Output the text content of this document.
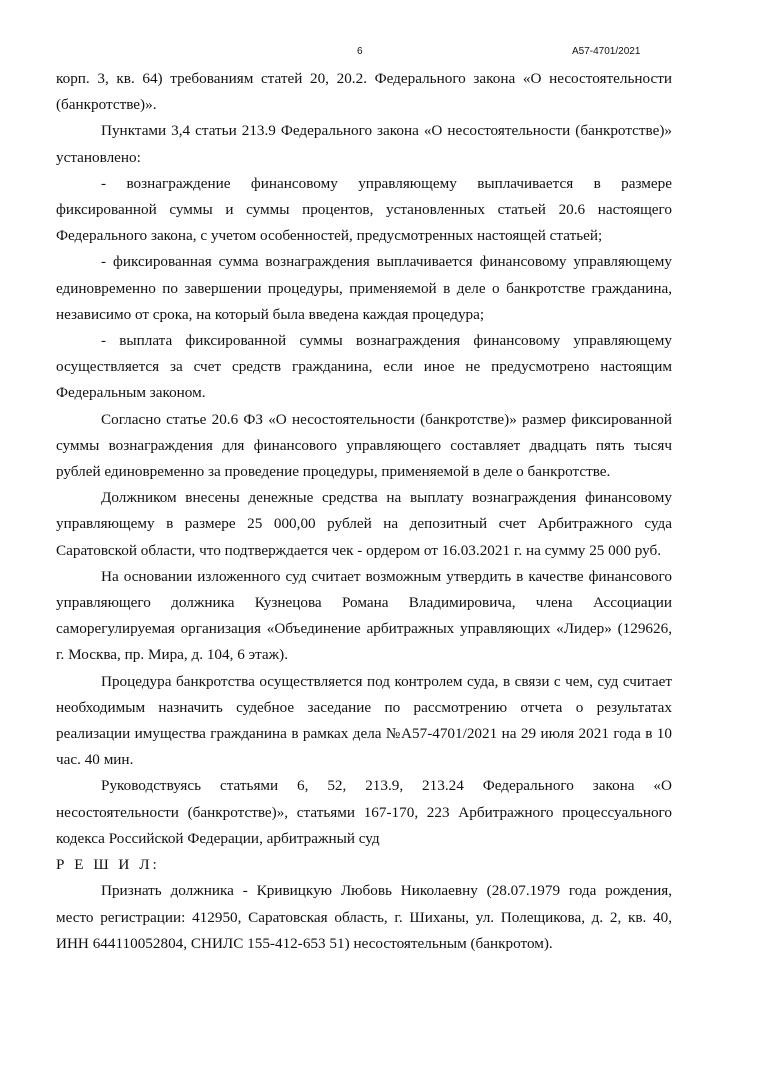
6	А57-4701/2021

корп. 3, кв. 64) требованиям статей 20, 20.2. Федерального закона «О несостоятельности (банкротстве)».

Пунктами 3,4 статьи 213.9 Федерального закона «О несостоятельности (банкротстве)» установлено:

- вознаграждение финансовому управляющему выплачивается в размере фиксированной суммы и суммы процентов, установленных статьей 20.6 настоящего Федерального закона, с учетом особенностей, предусмотренных настоящей статьей;

- фиксированная сумма вознаграждения выплачивается финансовому управляющему единовременно по завершении процедуры, применяемой в деле о банкротстве гражданина, независимо от срока, на который была введена каждая процедура;

- выплата фиксированной суммы вознаграждения финансовому управляющему осуществляется за счет средств гражданина, если иное не предусмотрено настоящим Федеральным законом.

Согласно статье 20.6 ФЗ «О несостоятельности (банкротстве)» размер фиксированной суммы вознаграждения для финансового управляющего составляет двадцать пять тысяч рублей единовременно за проведение процедуры, применяемой в деле о банкротстве.

Должником внесены денежные средства на выплату вознаграждения финансовому управляющему в размере 25 000,00 рублей на депозитный счет Арбитражного суда Саратовской области, что подтверждается чек - ордером от 16.03.2021 г. на сумму 25 000 руб.

На основании изложенного суд считает возможным утвердить в качестве финансового управляющего должника Кузнецова Романа Владимировича, члена Ассоциации саморегулируемая организация «Объединение арбитражных управляющих «Лидер» (129626, г. Москва, пр. Мира, д. 104, 6 этаж).

Процедура банкротства осуществляется под контролем суда, в связи с чем, суд считает необходимым назначить судебное заседание по рассмотрению отчета о результатах реализации имущества гражданина в рамках дела №А57-4701/2021 на 29 июля 2021 года в 10 час. 40 мин.

Руководствуясь статьями 6, 52, 213.9, 213.24 Федерального закона «О несостоятельности (банкротстве)», статьями 167-170, 223 Арбитражного процессуального кодекса Российской Федерации, арбитражный суд

Р Е Ш И Л:

Признать должника - Кривицкую Любовь Николаевну (28.07.1979 года рождения, место регистрации: 412950, Саратовская область, г. Шиханы, ул. Полещикова, д. 2, кв. 40, ИНН 644110052804, СНИЛС 155-412-653 51) несостоятельным (банкротом).
